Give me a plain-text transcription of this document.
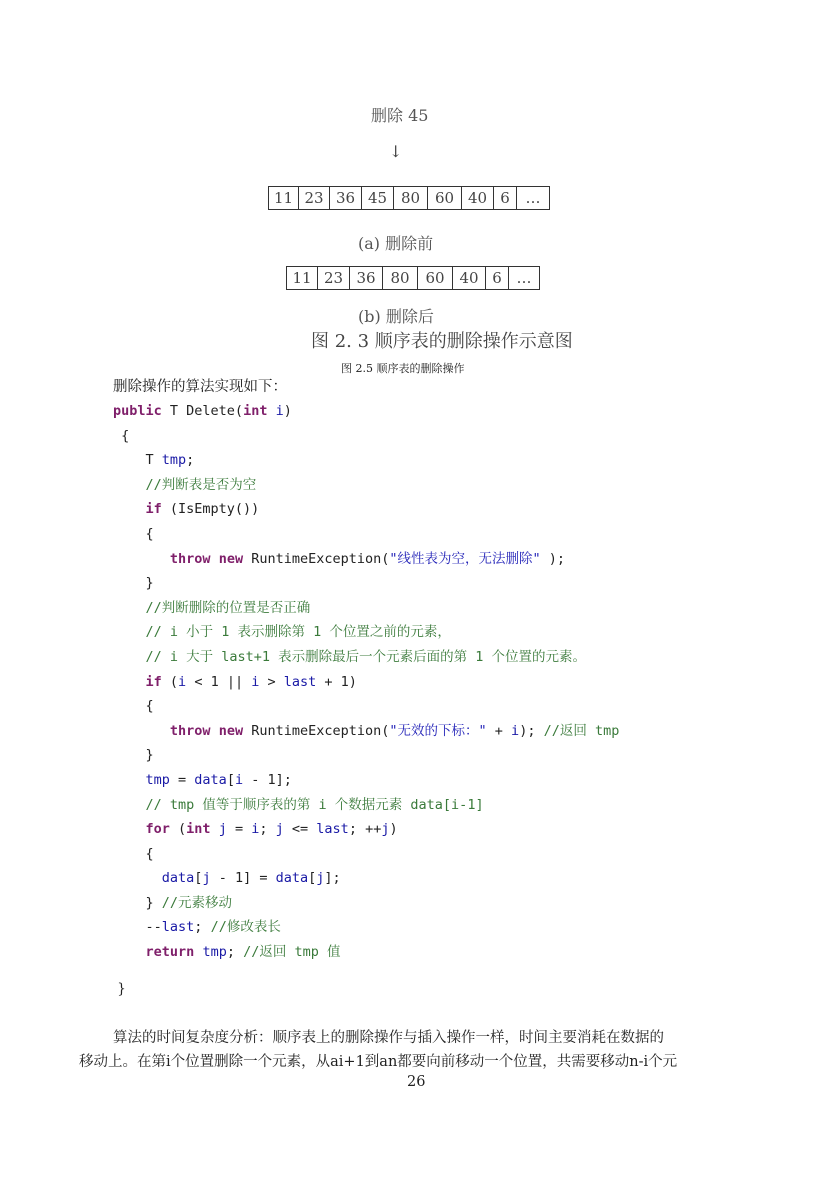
删除 45
↓
11 23 36 45 80 60 40 6	…
(a) 删除前
11 23 36 80	60 40 6 …
(b) 删除后
图 2. 3 顺序表的删除操作示意图
图 2.5 顺序表的删除操作
删除操作的算法实现如下：
public T Delete(int i)
{
T tmp;
//判断表是否为空
if (IsEmpty())
{
throw new RuntimeException("线性表为空，无法删除" );
}
//判断删除的位置是否正确
// i 小于 1 表示删除第 1 个位置之前的元素，
// i 大于 last+1 表示删除最后一个元素后面的第 1 个位置的元素。
if (i < 1 || i > last + 1)
{
throw new RuntimeException("无效的下标：" + i); //返回 tmp
}
tmp = data[i - 1];
// tmp 值等于顺序表的第 i 个数据元素 data[i-1]
for (int j = i; j <= last; ++j)
{
data[j - 1] = data[j];
} //元素移动
--last; //修改表长
return tmp; //返回 tmp 值
}
算法的时间复杂度分析：顺序表上的删除操作与插入操作一样，时间主要消耗在数据的
移动上。在第i个位置删除一个元素，从ai+1到an都要向前移动一个位置，共需要移动n-i个元
26
